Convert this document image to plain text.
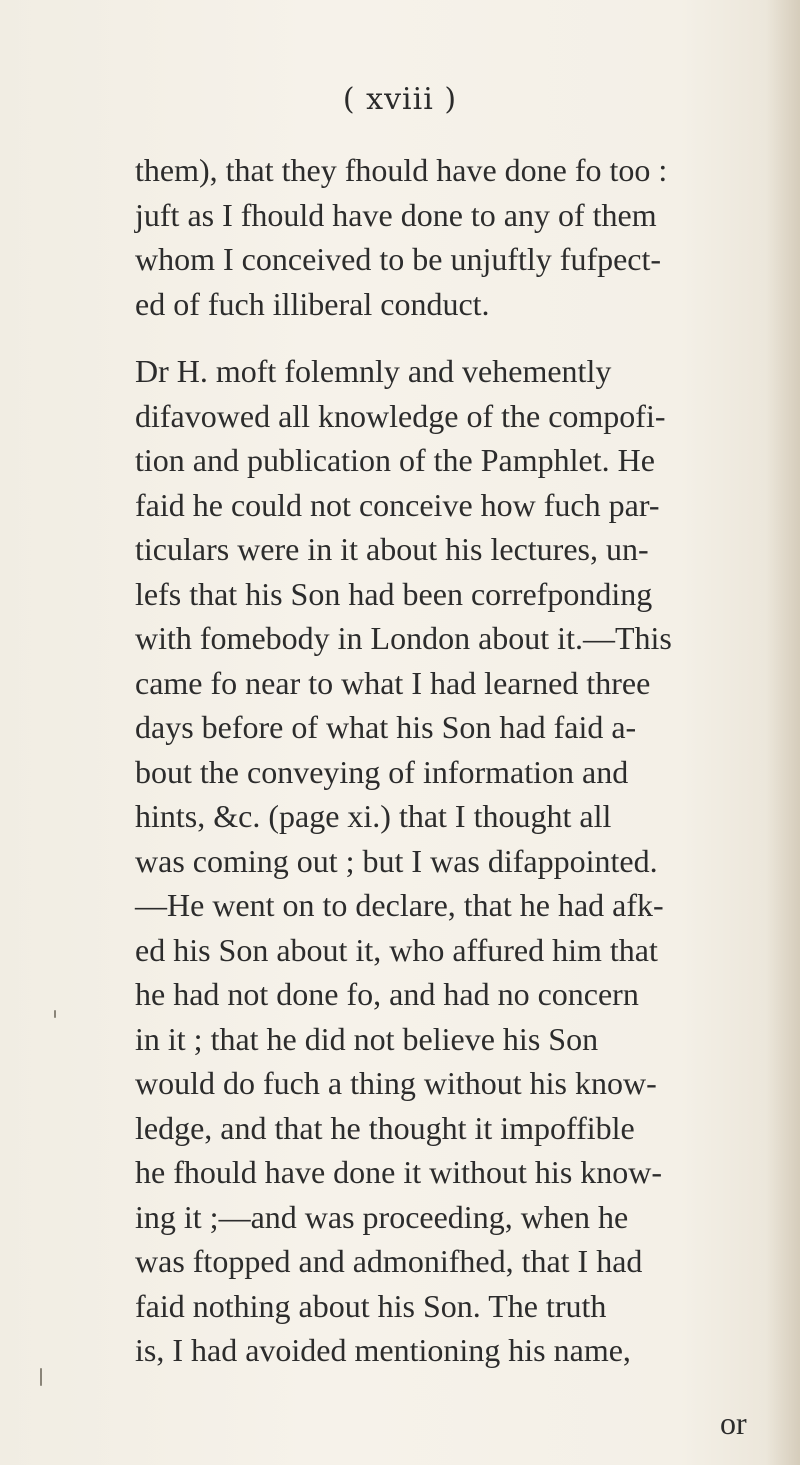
( xviii )
them), that they fhould have done fo too :
juft as I fhould have done to any of them
whom I conceived to be unjuftly fufpect-
ed of fuch illiberal conduct.
Dr H. moft folemnly and vehemently
difavowed all knowledge of the compofi-
tion and publication of the Pamphlet. He
faid he could not conceive how fuch par-
ticulars were in it about his lectures, un-
lefs that his Son had been correfponding
with fomebody in London about it.—This
came fo near to what I had learned three
days before of what his Son had faid a-
bout the conveying of information and
hints, &c. (page xi.) that I thought all
was coming out ; but I was difappointed.
—He went on to declare, that he had afk-
ed his Son about it, who affured him that
he had not done fo, and had no concern
in it ; that he did not believe his Son
would do fuch a thing without his know-
ledge, and that he thought it impoffible
he fhould have done it without his know-
ing it ;—and was proceeding, when he
was ftopped and admonifhed, that I had
faid nothing about his Son. The truth
is, I had avoided mentioning his name,
or
